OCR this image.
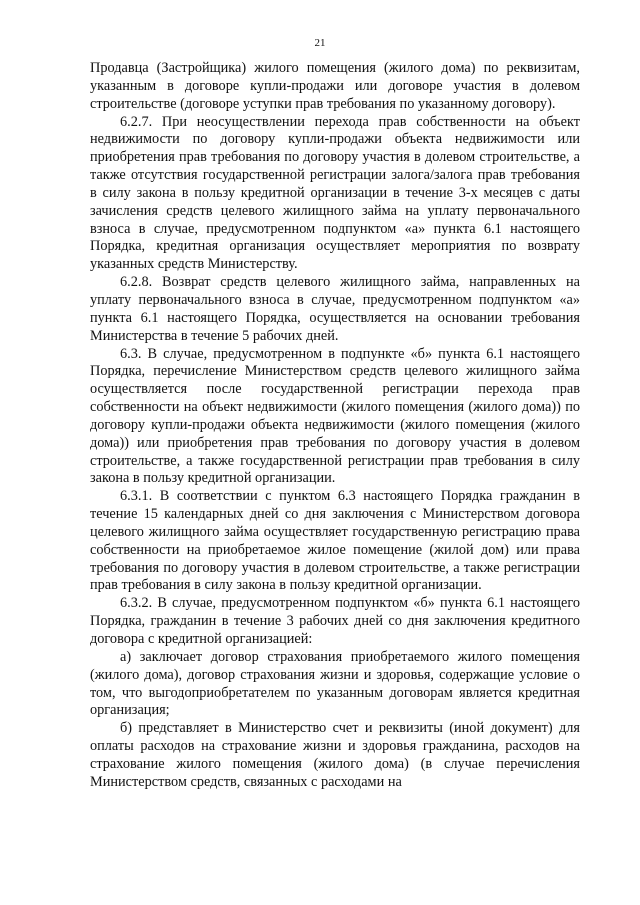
21

Продавца (Застройщика) жилого помещения (жилого дома) по реквизитам, указанным в договоре купли-продажи или договоре участия в долевом строительстве (договоре уступки прав требования по указанному договору).

6.2.7. При неосуществлении перехода прав собственности на объект недвижимости по договору купли-продажи объекта недвижимости или приобретения прав требования по договору участия в долевом строительстве, а также отсутствия государственной регистрации залога/залога прав требования в силу закона в пользу кредитной организации в течение 3-х месяцев с даты зачисления средств целевого жилищного займа на уплату первоначального взноса в случае, предусмотренном подпунктом «а» пункта 6.1 настоящего Порядка, кредитная организация осуществляет мероприятия по возврату указанных средств Министерству.

6.2.8. Возврат средств целевого жилищного займа, направленных на уплату первоначального взноса в случае, предусмотренном подпунктом «а» пункта 6.1 настоящего Порядка, осуществляется на основании требования Министерства в течение 5 рабочих дней.

6.3. В случае, предусмотренном в подпункте «б» пункта 6.1 настоящего Порядка, перечисление Министерством средств целевого жилищного займа осуществляется после государственной регистрации перехода прав собственности на объект недвижимости (жилого помещения (жилого дома)) по договору купли-продажи объекта недвижимости (жилого помещения (жилого дома)) или приобретения прав требования по договору участия в долевом строительстве, а также государственной регистрации прав требования в силу закона в пользу кредитной организации.

6.3.1. В соответствии с пунктом 6.3 настоящего Порядка гражданин в течение 15 календарных дней со дня заключения с Министерством договора целевого жилищного займа осуществляет государственную регистрацию права собственности на приобретаемое жилое помещение (жилой дом) или права требования по договору участия в долевом строительстве, а также регистрации прав требования в силу закона в пользу кредитной организации.

6.3.2. В случае, предусмотренном подпунктом «б» пункта 6.1 настоящего Порядка, гражданин в течение 3 рабочих дней со дня заключения кредитного договора с кредитной организацией:

а) заключает договор страхования приобретаемого жилого помещения (жилого дома), договор страхования жизни и здоровья, содержащие условие о том, что выгодоприобретателем по указанным договорам является кредитная организация;

б) представляет в Министерство счет и реквизиты (иной документ) для оплаты расходов на страхование жизни и здоровья гражданина, расходов на страхование жилого помещения (жилого дома) (в случае перечисления Министерством средств, связанных с расходами на
